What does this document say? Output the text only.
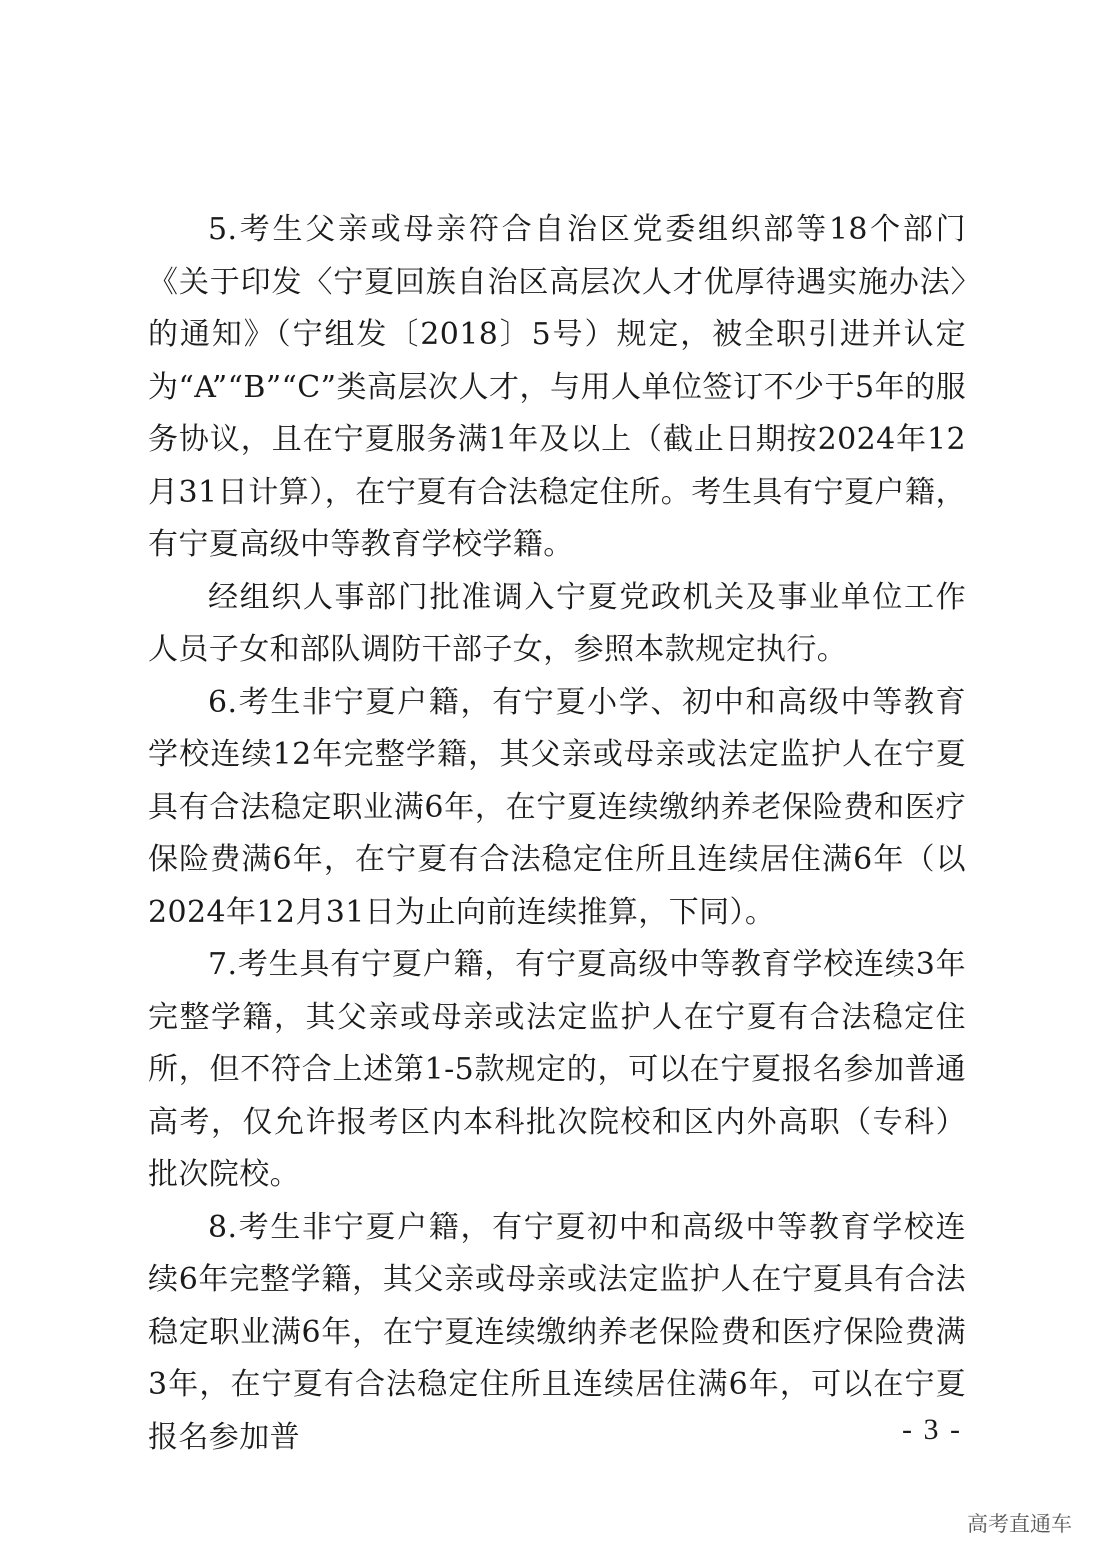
5.考生父亲或母亲符合自治区党委组织部等18个部门《关于印发〈宁夏回族自治区高层次人才优厚待遇实施办法〉的通知》（宁组发〔2018〕5号）规定，被全职引进并认定为“A”“B”“C”类高层次人才，与用人单位签订不少于5年的服务协议，且在宁夏服务满1年及以上（截止日期按2024年12月31日计算），在宁夏有合法稳定住所。考生具有宁夏户籍，有宁夏高级中等教育学校学籍。

经组织人事部门批准调入宁夏党政机关及事业单位工作人员子女和部队调防干部子女，参照本款规定执行。

6.考生非宁夏户籍，有宁夏小学、初中和高级中等教育学校连续12年完整学籍，其父亲或母亲或法定监护人在宁夏具有合法稳定职业满6年，在宁夏连续缴纳养老保险费和医疗保险费满6年，在宁夏有合法稳定住所且连续居住满6年（以2024年12月31日为止向前连续推算，下同）。

7.考生具有宁夏户籍，有宁夏高级中等教育学校连续3年完整学籍，其父亲或母亲或法定监护人在宁夏有合法稳定住所，但不符合上述第1-5款规定的，可以在宁夏报名参加普通高考，仅允许报考区内本科批次院校和区内外高职（专科）批次院校。

8.考生非宁夏户籍，有宁夏初中和高级中等教育学校连续6年完整学籍，其父亲或母亲或法定监护人在宁夏具有合法稳定职业满6年，在宁夏连续缴纳养老保险费和医疗保险费满3年，在宁夏有合法稳定住所且连续居住满6年，可以在宁夏报名参加普	- 3 -
高考直通车
